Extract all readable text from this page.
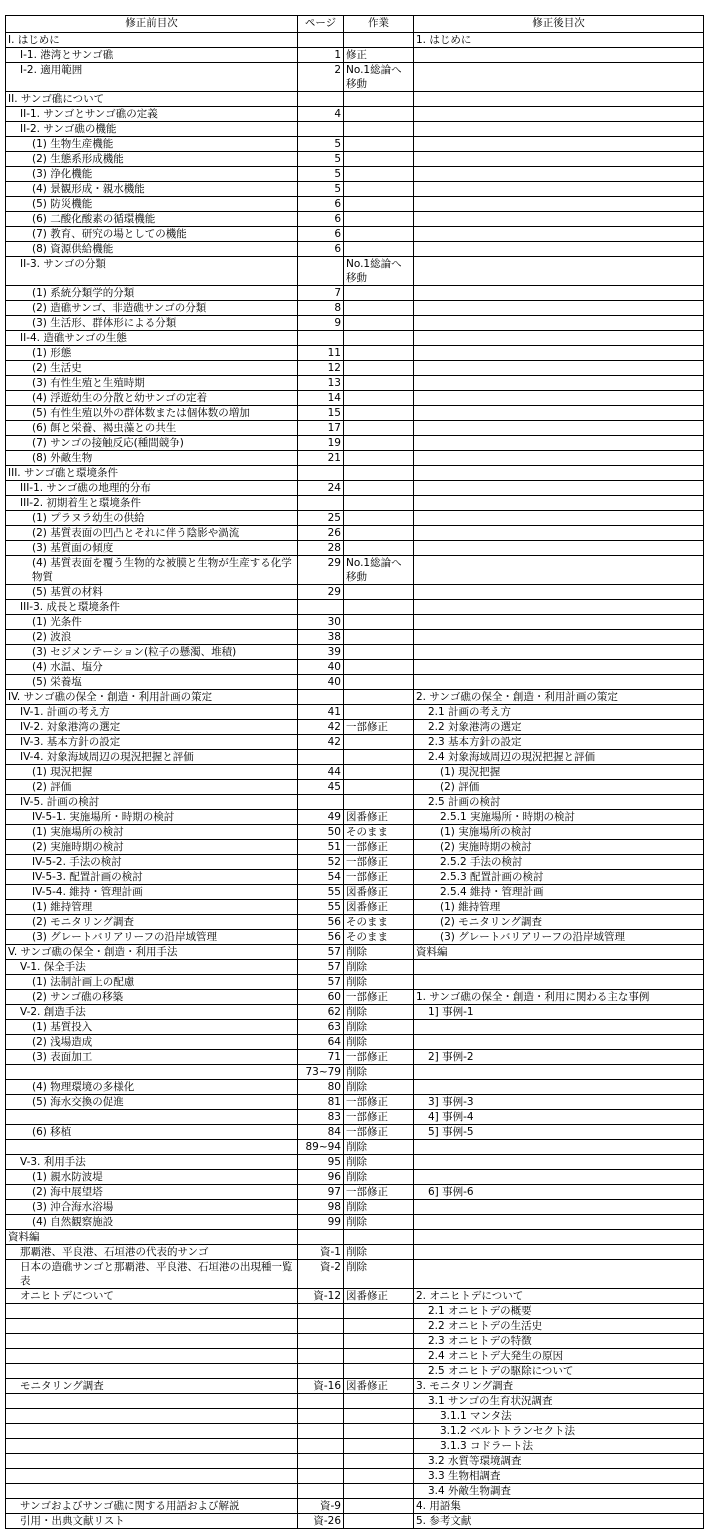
修正前目次	ページ	作業	修正後目次
I. はじめに			1. はじめに
I-1. 港湾とサンゴ礁	1	修正	
I-2. 適用範囲	2	No.1総論へ移動	
II. サンゴ礁について			
II-1. サンゴとサンゴ礁の定義	4		
II-2. サンゴ礁の機能			
(1) 生物生産機能	5		
(2) 生態系形成機能	5		
(3) 浄化機能	5		
(4) 景観形成・親水機能	5		
(5) 防災機能	6		
(6) 二酸化酸素の循環機能	6		
(7) 教育、研究の場としての機能	6		
(8) 資源供給機能	6		
II-3. サンゴの分類		No.1総論へ移動	
(1) 系統分類学的分類	7		
(2) 造礁サンゴ、非造礁サンゴの分類	8		
(3) 生活形、群体形による分類	9		
II-4. 造礁サンゴの生態			
(1) 形態	11		
(2) 生活史	12		
(3) 有性生殖と生殖時期	13		
(4) 浮遊幼生の分散と幼サンゴの定着	14		
(5) 有性生殖以外の群体数または個体数の増加	15		
(6) 餌と栄養、褐虫藻との共生	17		
(7) サンゴの接触反応(種間競争)	19		
(8) 外敵生物	21		
III. サンゴ礁と環境条件			
III-1. サンゴ礁の地理的分布	24		
III-2. 初期着生と環境条件			
(1) プラヌラ幼生の供給	25		
(2) 基質表面の凹凸とそれに伴う陰影や渦流	26		
(3) 基質面の傾度	28		
(4) 基質表面を覆う生物的な被膜と生物が生産する化学物質	29	No.1総論へ移動	
(5) 基質の材料	29		
III-3. 成長と環境条件			
(1) 光条件	30		
(2) 波浪	38		
(3) セジメンテーション(粒子の懸濁、堆積)	39		
(4) 水温、塩分	40		
(5) 栄養塩	40		
IV. サンゴ礁の保全・創造・利用計画の策定			2. サンゴ礁の保全・創造・利用計画の策定
IV-1. 計画の考え方	41		2.1 計画の考え方
IV-2. 対象港湾の選定	42	一部修正	2.2 対象港湾の選定
IV-3. 基本方針の設定	42		2.3 基本方針の設定
IV-4. 対象海域周辺の現況把握と評価			2.4 対象海域周辺の現況把握と評価
(1) 現況把握	44		(1) 現況把握
(2) 評価	45		(2) 評価
IV-5. 計画の検討			2.5 計画の検討
IV-5-1. 実施場所・時期の検討	49	図番修正	2.5.1 実施場所・時期の検討
(1) 実施場所の検討	50	そのまま	(1) 実施場所の検討
(2) 実施時期の検討	51	一部修正	(2) 実施時期の検討
IV-5-2. 手法の検討	52	一部修正	2.5.2 手法の検討
IV-5-3. 配置計画の検討	54	一部修正	2.5.3 配置計画の検討
IV-5-4. 維持・管理計画	55	図番修正	2.5.4 維持・管理計画
(1) 維持管理	55	図番修正	(1) 維持管理
(2) モニタリング調査	56	そのまま	(2) モニタリング調査
(3) グレートバリアリーフの沿岸域管理	56	そのまま	(3) グレートバリアリーフの沿岸域管理
V. サンゴ礁の保全・創造・利用手法	57	削除	資料編
V-1. 保全手法	57	削除	
(1) 法制計画上の配慮	57	削除	
(2) サンゴ礁の移築	60	一部修正	1. サンゴ礁の保全・創造・利用に関わる主な事例
V-2. 創造手法	62	削除	1] 事例-1
(1) 基質投入	63	削除	
(2) 浅場造成	64	削除	
(3) 表面加工	71	一部修正	2] 事例-2
	73~79	削除	
(4) 物理環境の多様化	80	削除	
(5) 海水交換の促進	81	一部修正	3] 事例-3
	83	一部修正	4] 事例-4
(6) 移植	84	一部修正	5] 事例-5
	89~94	削除	
V-3. 利用手法	95	削除	
(1) 親水防波堤	96	削除	
(2) 海中展望塔	97	一部修正	6] 事例-6
(3) 沖合海水浴場	98	削除	
(4) 自然観察施設	99	削除	
資料編			
那覇港、平良港、石垣港の代表的サンゴ	資-1	削除	
日本の造礁サンゴと那覇港、平良港、石垣港の出現種一覧表	資-2	削除	
オニヒトデについて	資-12	図番修正	2. オニヒトデについて
			2.1 オニヒトデの概要
			2.2 オニヒトデの生活史
			2.3 オニヒトデの特徴
			2.4 オニヒトデ大発生の原因
			2.5 オニヒトデの駆除について
モニタリング調査	資-16	図番修正	3. モニタリング調査
			3.1 サンゴの生育状況調査
			3.1.1 マンタ法
			3.1.2 ベルトトランセクト法
			3.1.3 コドラート法
			3.2 水質等環境調査
			3.3 生物相調査
			3.4 外敵生物調査
サンゴおよびサンゴ礁に関する用語および解説	資-9		4. 用語集
引用・出典文献リスト	資-26		5. 参考文献
